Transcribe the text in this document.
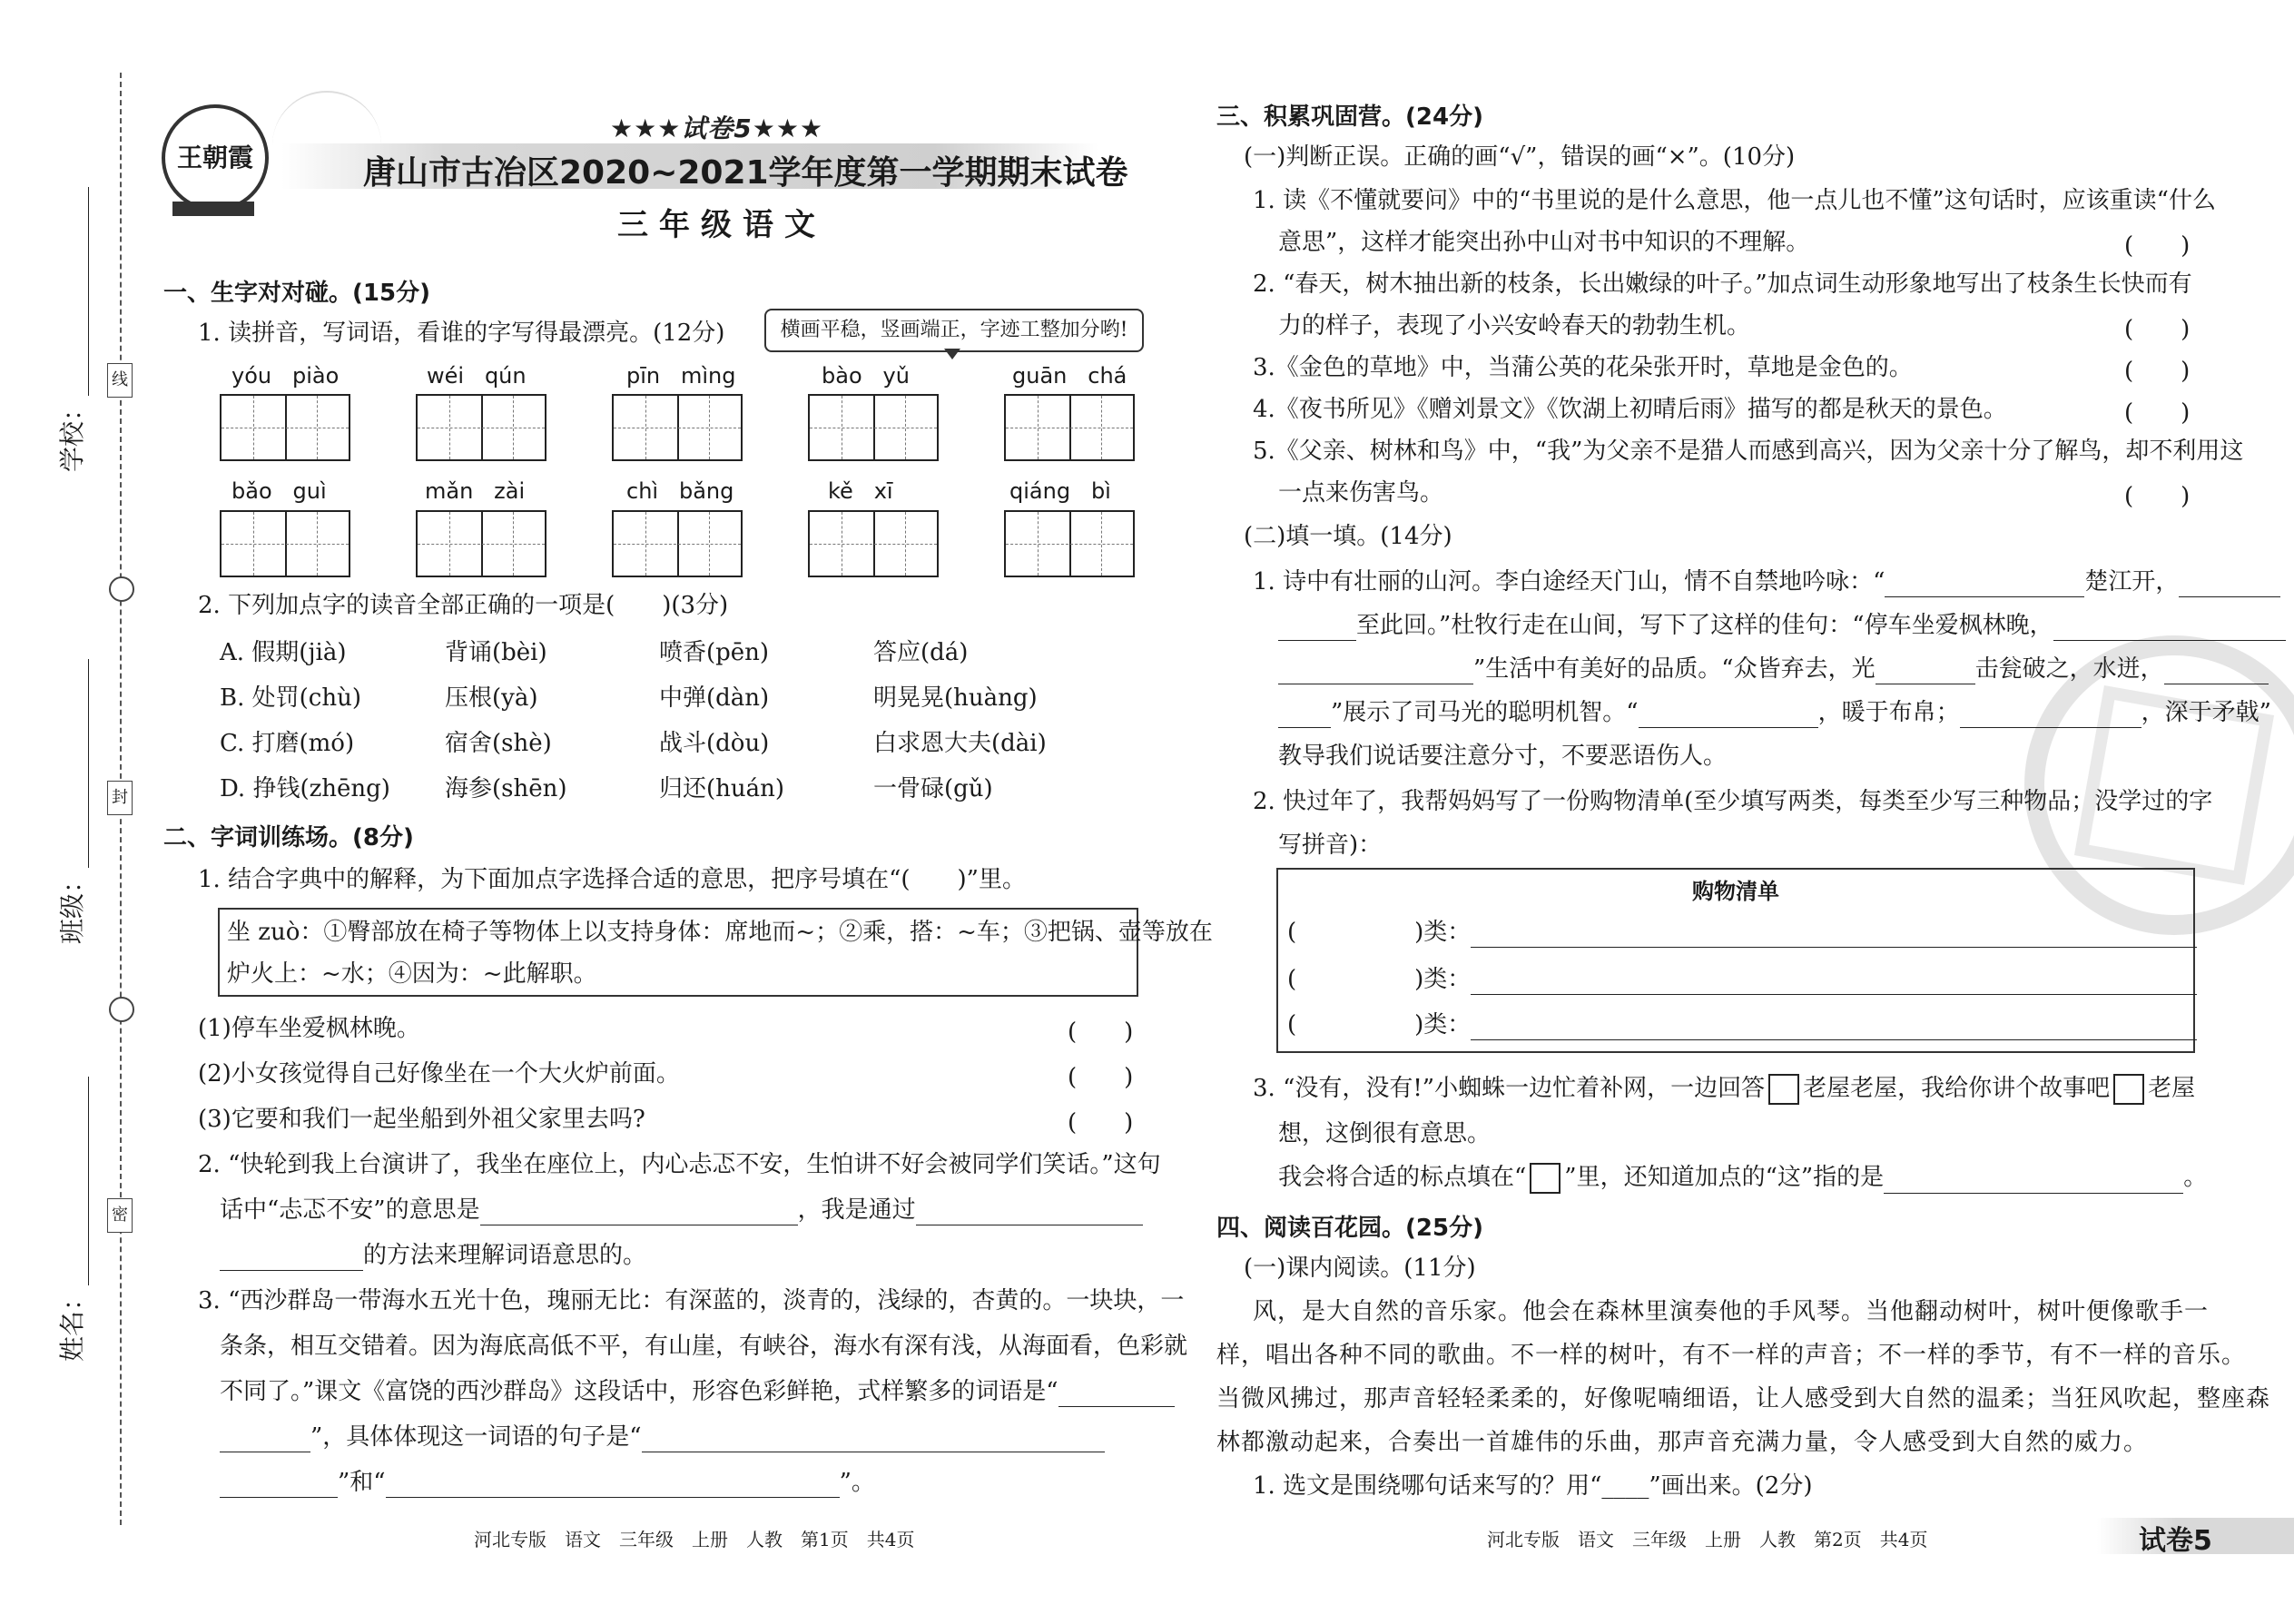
线
封
密
学校：
班级：
姓名：
王朝霞
★★★试卷5★★★
唐山市古冶区2020~2021学年度第一学期期末试卷
三年级语文
一、生字对对碰。(15分)
1. 读拼音，写词语，看谁的字写得最漂亮。(12分)	横画平稳，竖画端正，字迹工整加分哟!
yóu   piào	wéi   qún	pīn   mìng	bào   yǔ	guān   chá
bǎo   guì	mǎn   zài	chì   bǎng	kě   xī	qiáng   bì
2. 下列加点字的读音全部正确的一项是(　　)(3分)
A. 假期(jià)	背诵(bèi)	喷香(pēn)	答应(dá)
B. 处罚(chù)	压根(yà)	中弹(dàn)	明晃晃(huàng)
C. 打磨(mó)	宿舍(shè)	战斗(dòu)	白求恩大夫(dài)
D. 挣钱(zhēng) 海参(shēn)	归还(huán)	一骨碌(gǔ)
二、字词训练场。(8分)
1. 结合字典中的解释，为下面加点字选择合适的意思，把序号填在“(　　)”里。
坐 zuò：①臀部放在椅子等物体上以支持身体：席地而~；②乘，搭：~车；③把锅、壶等放在
炉火上：~水；④因为：~此解职。
(1)停车坐爱枫林晚。	(　　)
(2)小女孩觉得自己好像坐在一个大火炉前面。	(　　)
(3)它要和我们一起坐船到外祖父家里去吗?	(　　)
2. “快轮到我上台演讲了，我坐在座位上，内心忐忑不安，生怕讲不好会被同学们笑话。”这句
话中“忐忑不安”的意思是	，我是通过
的方法来理解词语意思的。
3. “西沙群岛一带海水五光十色，瑰丽无比：有深蓝的，淡青的，浅绿的，杏黄的。一块块，一
条条，相互交错着。因为海底高低不平，有山崖，有峡谷，海水有深有浅，从海面看，色彩就
不同了。”课文《富饶的西沙群岛》这段话中，形容色彩鲜艳，式样繁多的词语是“
”，具体体现这一词语的句子是“
”和“	”。
河北专版　语文　三年级　上册　人教　第1页　共4页
三、积累巩固营。(24分)
(一)判断正误。正确的画“√”，错误的画“×”。(10分)
1. 读《不懂就要问》中的“书里说的是什么意思，他一点儿也不懂”这句话时，应该重读“什么
意思”，这样才能突出孙中山对书中知识的不理解。	(　　)
2. “春天，树木抽出新的枝条，长出嫩绿的叶子。”加点词生动形象地写出了枝条生长快而有
力的样子，表现了小兴安岭春天的勃勃生机。	(　　)
3.《金色的草地》中，当蒲公英的花朵张开时，草地是金色的。	(　　)
4.《夜书所见》《赠刘景文》《饮湖上初晴后雨》描写的都是秋天的景色。	(　　)
5.《父亲、树林和鸟》中，“我”为父亲不是猎人而感到高兴，因为父亲十分了解鸟，却不利用这
一点来伤害鸟。	(　　)
(二)填一填。(14分)
1. 诗中有壮丽的山河。李白途经天门山，情不自禁地吟咏：“	楚江开，
至此回。”杜牧行走在山间，写下了这样的佳句：“停车坐爱枫林晚，
”生活中有美好的品质。“众皆弃去，光	击瓮破之，水迸，
”展示了司马光的聪明机智。“	，暖于布帛；	，深于矛戟”
教导我们说话要注意分寸，不要恶语伤人。
2. 快过年了，我帮妈妈写了一份购物清单(至少填写两类，每类至少写三种物品；没学过的字
写拼音)：
购物清单
(　　　　　)类：
(　　　　　)类：
(　　　　　)类：
3. “没有，没有!”小蜘蛛一边忙着补网，一边回答 老屋老屋，我给你讲个故事吧 老屋
想，这倒很有意思。
我会将合适的标点填在“ ”里，还知道加点的“这”指的是	。
四、阅读百花园。(25分)
(一)课内阅读。(11分)
风，是大自然的音乐家。他会在森林里演奏他的手风琴。当他翻动树叶，树叶便像歌手一
样，唱出各种不同的歌曲。不一样的树叶，有不一样的声音；不一样的季节，有不一样的音乐。
当微风拂过，那声音轻轻柔柔的，好像呢喃细语，让人感受到大自然的温柔；当狂风吹起，整座森
林都激动起来，合奏出一首雄伟的乐曲，那声音充满力量，令人感受到大自然的威力。
1. 选文是围绕哪句话来写的？用“____”画出来。(2分)
河北专版　语文　三年级　上册　人教　第2页　共4页	试卷5
